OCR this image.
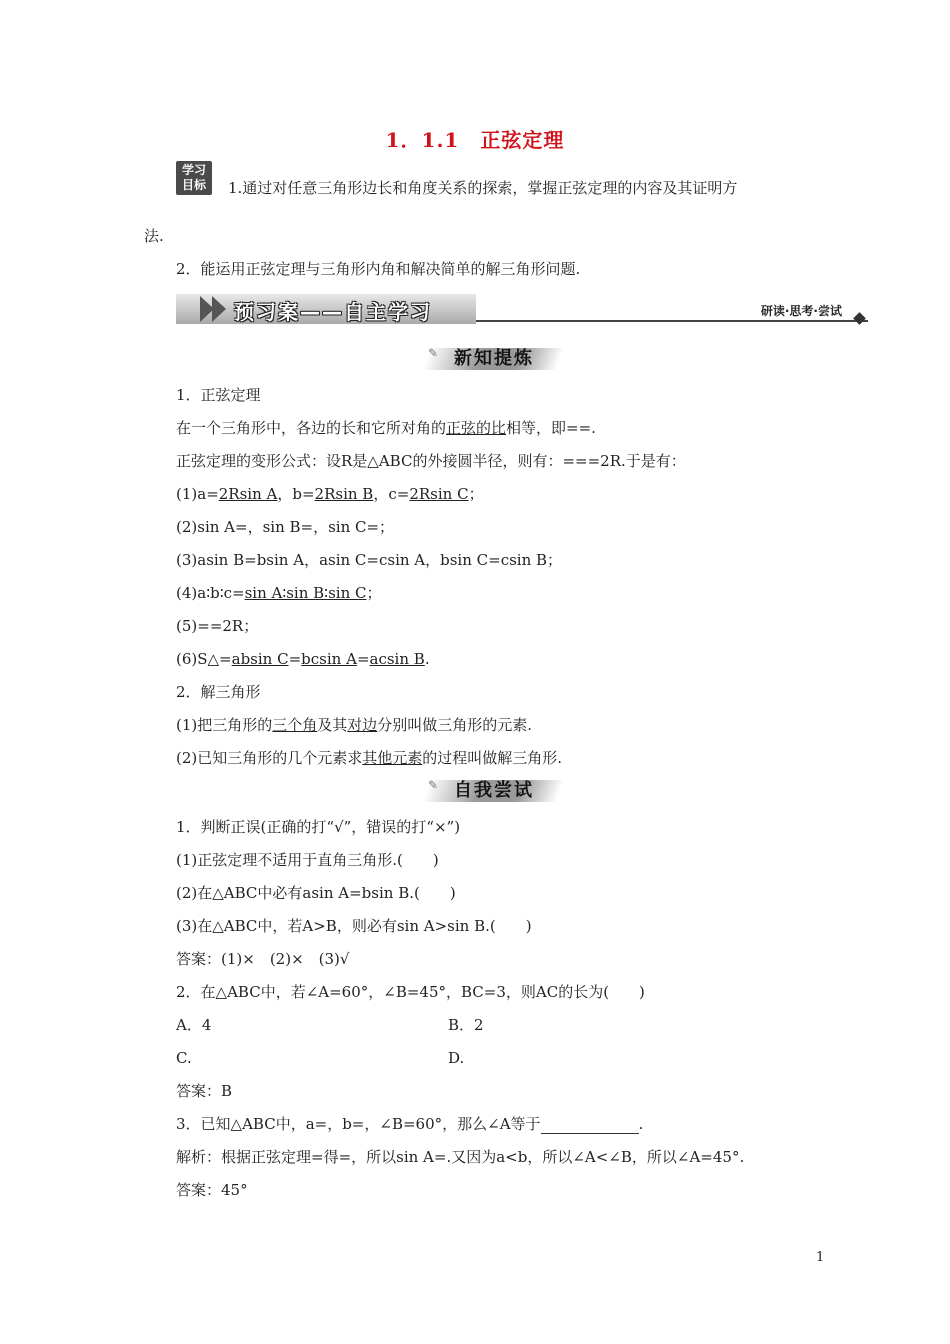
1．1.1　正弦定理
学习
目标	1.通过对任意三角形边长和角度关系的探索，掌握正弦定理的内容及其证明方
法.
2．能运用正弦定理与三角形内角和解决简单的解三角形问题.
预习案——自主学习	研读·思考·尝试
✎ 新知提炼
1．正弦定理
在一个三角形中，各边的长和它所对角的正弦的比相等，即==.
正弦定理的变形公式：设R是△ABC的外接圆半径，则有：===2R.于是有：
(1)a=2Rsin A，b=2Rsin B，c=2Rsin C；
(2)sin A=，sin B=，sin C=；
(3)asin B=bsin A，asin C=csin A，bsin C=csin B；
(4)a∶b∶c=sin A∶sin B∶sin C；
(5)==2R；
(6)S△=absin C=bcsin A=acsin B.
2．解三角形
(1)把三角形的三个角及其对边分别叫做三角形的元素.
(2)已知三角形的几个元素求其他元素的过程叫做解三角形.
✎ 自我尝试
1．判断正误(正确的打“√”，错误的打“×”)
(1)正弦定理不适用于直角三角形.(　　)
(2)在△ABC中必有asin A=bsin B.(　　)
(3)在△ABC中，若A>B，则必有sin A>sin B.(　　)
答案：(1)×　(2)×　(3)√
2．在△ABC中，若∠A=60°，∠B=45°，BC=3，则AC的长为(　　)
A．4	B．2
C.	D.
答案：B
3．已知△ABC中，a=，b=，∠B=60°，那么∠A等于	.
解析：根据正弦定理=得=，所以sin A=.又因为a<b，所以∠A<∠B，所以∠A=45°.
答案：45°
1
